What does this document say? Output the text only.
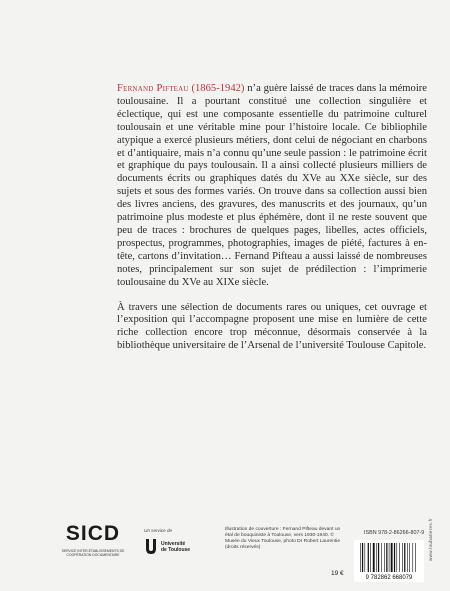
Fernand Pifteau (1865-1942) n’a guère laissé de traces dans la mémoire toulousaine. Il a pourtant constitué une collection singulière et éclectique, qui est une composante essentielle du patrimoine culturel toulousain et une véritable mine pour l’histoire locale. Ce bibliophile atypique a exercé plusieurs métiers, dont celui de négociant en charbons et d’antiquaire, mais n’a connu qu’une seule passion : le patrimoine écrit et graphique du pays toulousain. Il a ainsi collecté plusieurs milliers de documents écrits ou graphiques datés du XVe au XXe siècle, sur des sujets et sous des formes variés. On trouve dans sa collection aussi bien des livres anciens, des gravures, des manuscrits et des journaux, qu’un patrimoine plus modeste et plus éphémère, dont il ne reste souvent que peu de traces : brochures de quelques pages, libelles, actes officiels, prospectus, programmes, photographies, images de piété, factures à en-tête, cartons d’invitation… Fernand Pifteau a aussi laissé de nombreuses notes, principalement sur son sujet de prédilection : l’imprimerie toulousaine du XVe au XIXe siècle.

À travers une sélection de documents rares ou uniques, cet ouvrage et l’exposition qui l’accompagne proposent une mise en lumière de cette riche collection encore trop méconnue, désormais conservée à la bibliothèque universitaire de l’Arsenal de l’université Toulouse Capitole.

SICD
SERVICE INTER-ÉTABLISSEMENTS DE COOPÉRATION DOCUMENTAIRE
Un service de
Université
de Toulouse
Illustration de couverture : Fernand Pifteau devant un étal de bouquiniste à Toulouse, vers 1930-1940. © Musée du Vieux Toulouse, photo Dr Robert Laurentie (droits réservés)
ISBN 978-2-86266-807-9
9 782862 668079
19 €
www.loubatieres.fr
